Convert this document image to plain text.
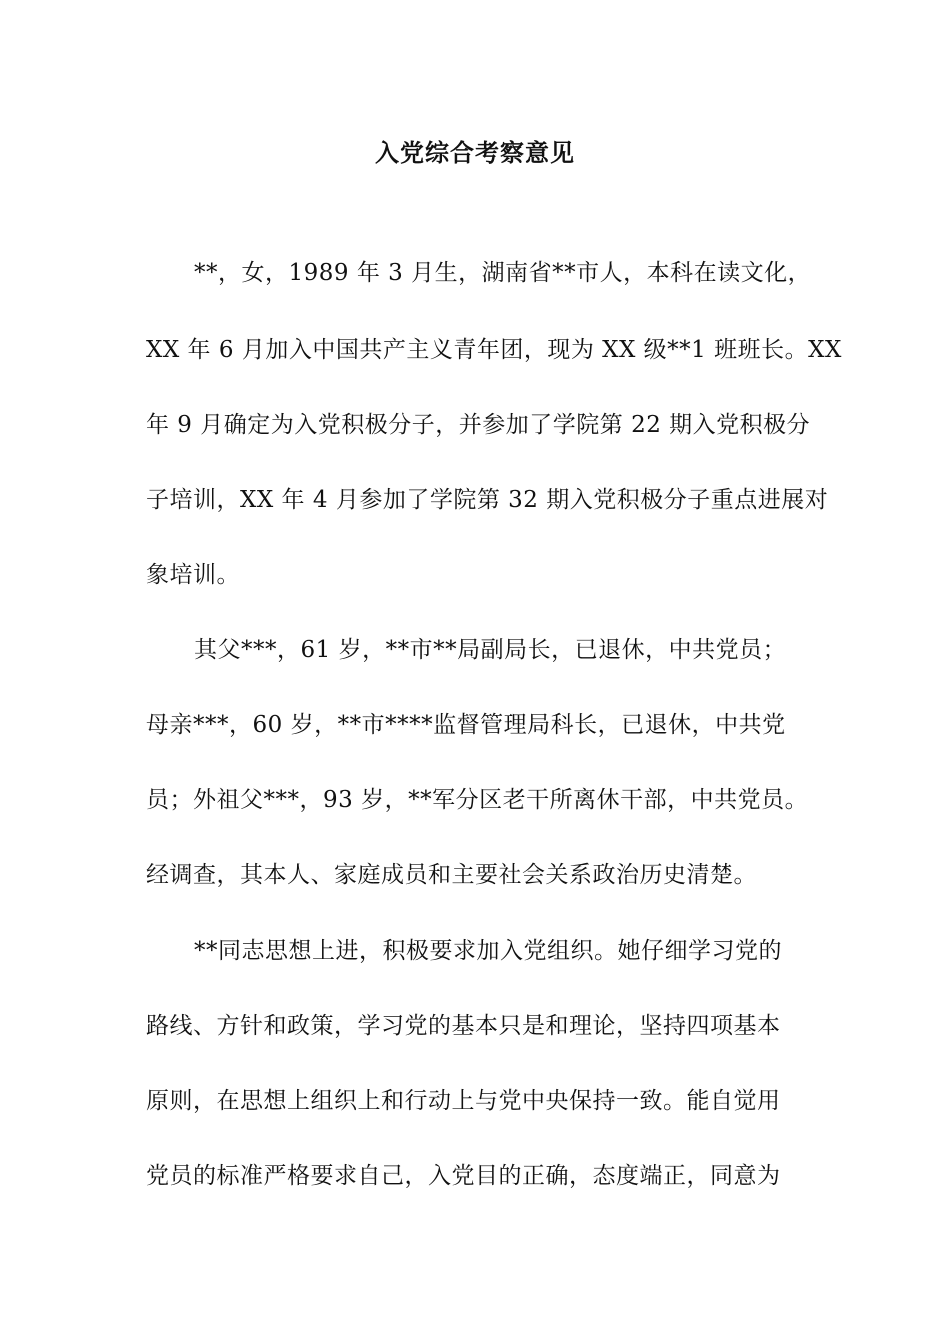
入党综合考察意见
**，女，1989 年 3 月生，湖南省**市人，本科在读文化，
XX 年 6 月加入中国共产主义青年团，现为 XX 级**1 班班长。XX
年 9 月确定为入党积极分子，并参加了学院第 22 期入党积极分
子培训，XX 年 4 月参加了学院第 32 期入党积极分子重点进展对
象培训。
其父***，61 岁，**市**局副局长，已退休，中共党员；
母亲***，60 岁，**市****监督管理局科长，已退休，中共党
员；外祖父***，93 岁，**军分区老干所离休干部，中共党员。
经调查，其本人、家庭成员和主要社会关系政治历史清楚。
**同志思想上进，积极要求加入党组织。她仔细学习党的
路线、方针和政策，学习党的基本只是和理论，坚持四项基本
原则，在思想上组织上和行动上与党中央保持一致。能自觉用
党员的标准严格要求自己，入党目的正确，态度端正，同意为
